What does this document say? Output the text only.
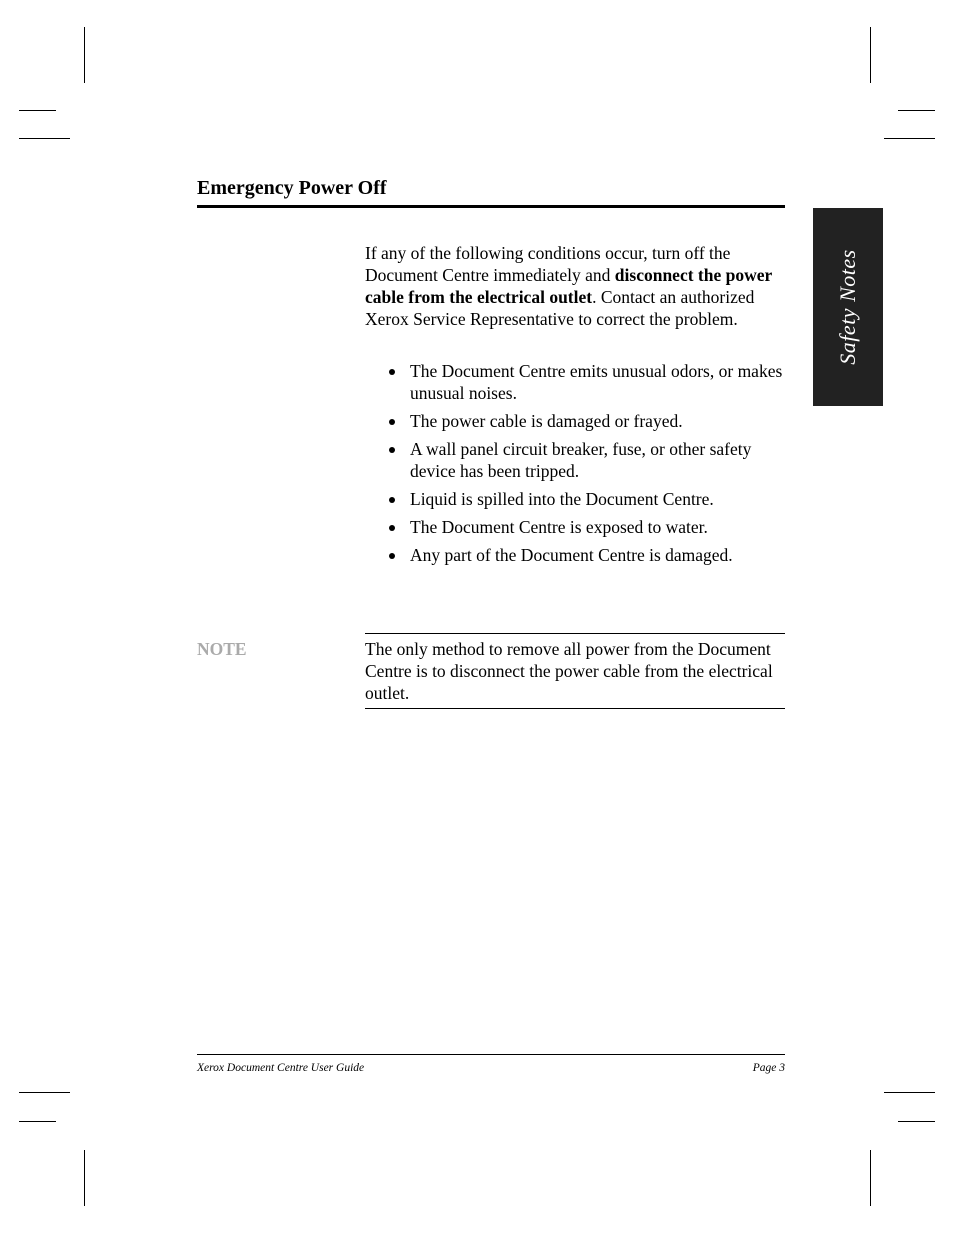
Emergency Power Off
Safety Notes

If any of the following conditions occur, turn off the Document Centre immediately and disconnect the power cable from the electrical outlet. Contact an authorized Xerox Service Representative to correct the problem.

The Document Centre emits unusual odors, or makes unusual noises.
The power cable is damaged or frayed.
A wall panel circuit breaker, fuse, or other safety device has been tripped.
Liquid is spilled into the Document Centre.
The Document Centre is exposed to water.
Any part of the Document Centre is damaged.
NOTE	The only method to remove all power from the Document Centre is to disconnect the power cable from the electrical outlet.

Xerox Document Centre User Guide	Page 3
